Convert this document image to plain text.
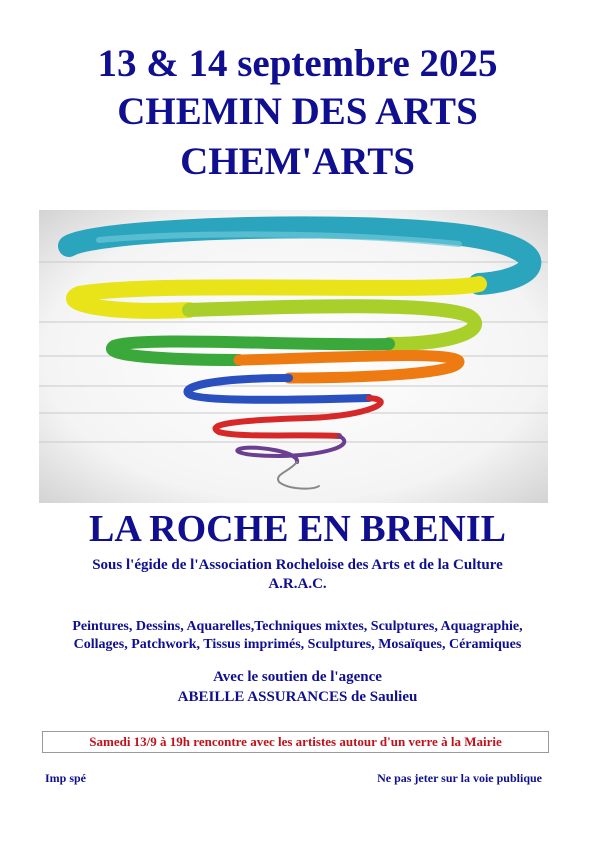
13 & 14 septembre 2025
CHEMIN DES ARTS
CHEM'ARTS
LA ROCHE EN BRENIL
Sous l'égide de l'Association Rocheloise des Arts et de la Culture
A.R.A.C.
Peintures, Dessins, Aquarelles,Techniques mixtes, Sculptures, Aquagraphie,
Collages, Patchwork, Tissus imprimés, Sculptures, Mosaïques, Céramiques
Avec le soutien de l'agence
ABEILLE ASSURANCES de Saulieu
Samedi 13/9 à 19h rencontre avec les artistes autour d'un verre à la Mairie
Imp spé	Ne pas jeter sur la voie publique
